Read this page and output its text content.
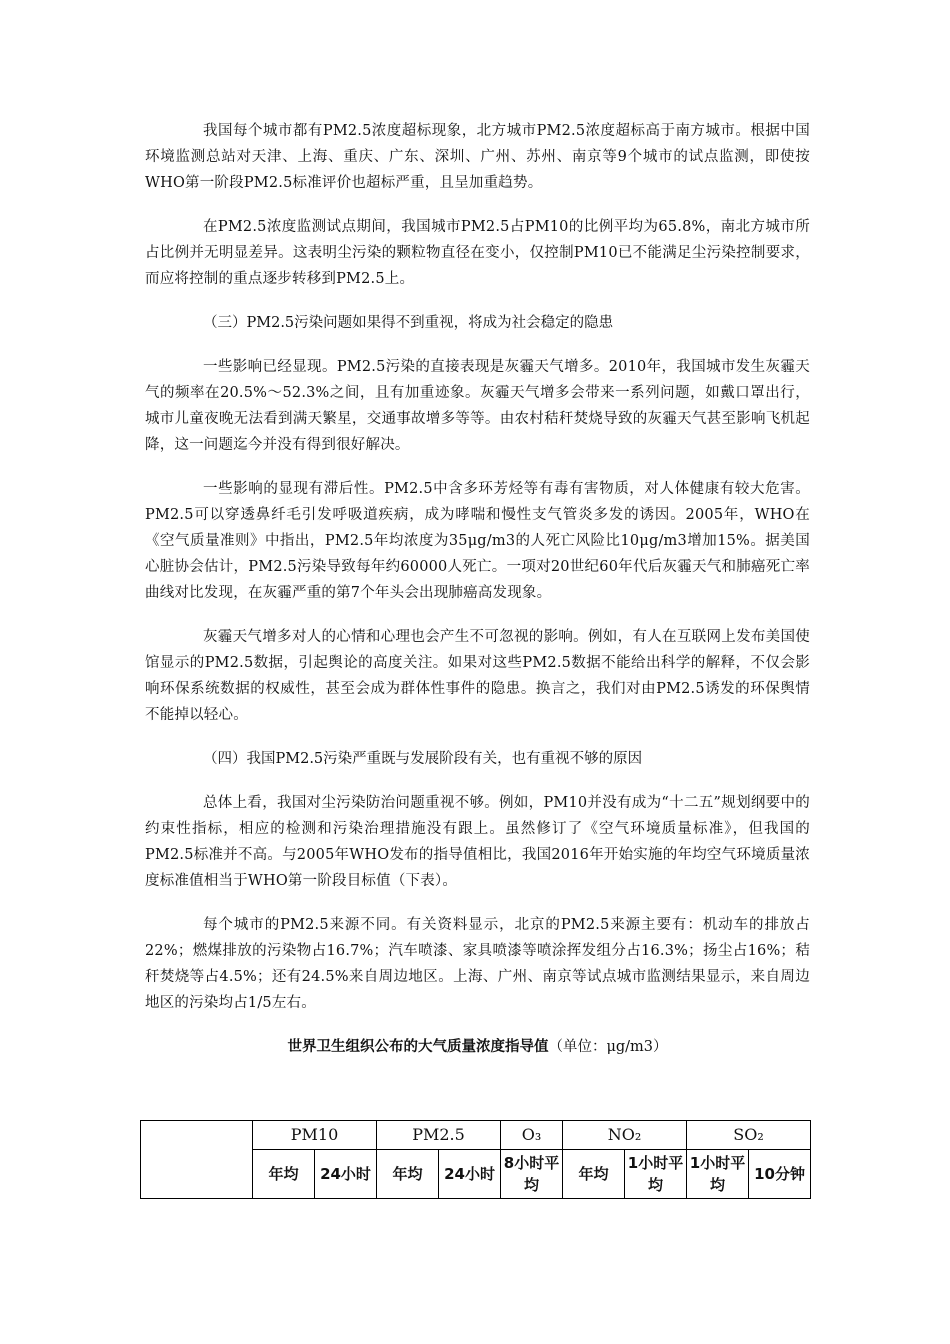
我国每个城市都有PM2.5浓度超标现象，北方城市PM2.5浓度超标高于南方城市。根据中国环境监测总站对天津、上海、重庆、广东、深圳、广州、苏州、南京等9个城市的试点监测，即使按WHO第一阶段PM2.5标准评价也超标严重，且呈加重趋势。

在PM2.5浓度监测试点期间，我国城市PM2.5占PM10的比例平均为65.8%，南北方城市所占比例并无明显差异。这表明尘污染的颗粒物直径在变小，仅控制PM10已不能满足尘污染控制要求，而应将控制的重点逐步转移到PM2.5上。

（三）PM2.5污染问题如果得不到重视，将成为社会稳定的隐患

一些影响已经显现。PM2.5污染的直接表现是灰霾天气增多。2010年，我国城市发生灰霾天气的频率在20.5%～52.3%之间，且有加重迹象。灰霾天气增多会带来一系列问题，如戴口罩出行，城市儿童夜晚无法看到满天繁星，交通事故增多等等。由农村秸秆焚烧导致的灰霾天气甚至影响飞机起降，这一问题迄今并没有得到很好解决。

一些影响的显现有滞后性。PM2.5中含多环芳烃等有毒有害物质，对人体健康有较大危害。PM2.5可以穿透鼻纤毛引发呼吸道疾病，成为哮喘和慢性支气管炎多发的诱因。2005年，WHO在《空气质量准则》中指出，PM2.5年均浓度为35μg/m3的人死亡风险比10μg/m3增加15%。据美国心脏协会估计，PM2.5污染导致每年约60000人死亡。一项对20世纪60年代后灰霾天气和肺癌死亡率曲线对比发现，在灰霾严重的第7个年头会出现肺癌高发现象。

灰霾天气增多对人的心情和心理也会产生不可忽视的影响。例如，有人在互联网上发布美国使馆显示的PM2.5数据，引起舆论的高度关注。如果对这些PM2.5数据不能给出科学的解释，不仅会影响环保系统数据的权威性，甚至会成为群体性事件的隐患。换言之，我们对由PM2.5诱发的环保舆情不能掉以轻心。

（四）我国PM2.5污染严重既与发展阶段有关，也有重视不够的原因

总体上看，我国对尘污染防治问题重视不够。例如，PM10并没有成为“十二五”规划纲要中的约束性指标，相应的检测和污染治理措施没有跟上。虽然修订了《空气环境质量标准》，但我国的PM2.5标准并不高。与2005年WHO发布的指导值相比，我国2016年开始实施的年均空气环境质量浓度标准值相当于WHO第一阶段目标值（下表）。

每个城市的PM2.5来源不同。有关资料显示，北京的PM2.5来源主要有：机动车的排放占22%；燃煤排放的污染物占16.7%；汽车喷漆、家具喷漆等喷涂挥发组分占16.3%；扬尘占16%；秸秆焚烧等占4.5%；还有24.5%来自周边地区。上海、广州、南京等试点城市监测结果显示，来自周边地区的污染均占1/5左右。

世界卫生组织公布的大气质量浓度指导值（单位：μg/m3）
	PM10		PM2.5		O₃	NO₂		SO₂	
	年均	24小时	年均	24小时	8小时平均	年均	1小时平均	1小时平均	10分钟
